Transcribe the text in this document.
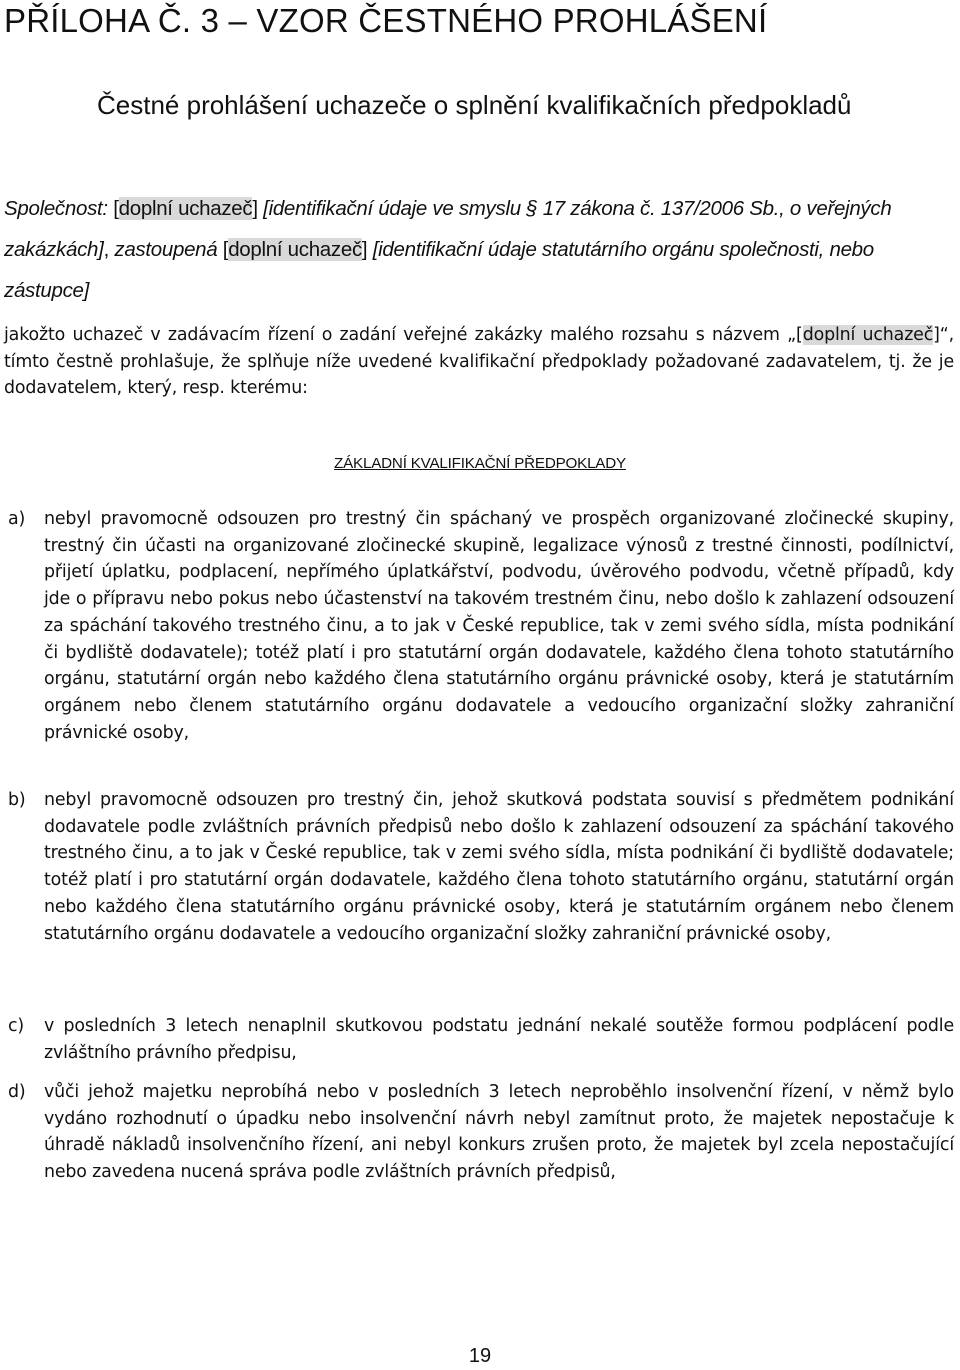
PŘÍLOHA Č. 3 – VZOR ČESTNÉHO PROHLÁŠENÍ
Čestné prohlášení uchazeče o splnění kvalifikačních předpokladů

Společnost: [doplní uchazeč] [identifikační údaje ve smyslu § 17 zákona č. 137/2006 Sb., o veřejných zakázkách], zastoupená [doplní uchazeč] [identifikační údaje statutárního orgánu společnosti, nebo zástupce]

jakožto uchazeč v zadávacím řízení o zadání veřejné zakázky malého rozsahu s názvem „[doplní uchazeč]“, tímto čestně prohlašuje, že splňuje níže uvedené kvalifikační předpoklady požadované zadavatelem, tj. že je dodavatelem, který, resp. kterému:

ZÁKLADNÍ KVALIFIKAČNÍ PŘEDPOKLADY
a) nebyl pravomocně odsouzen pro trestný čin spáchaný ve prospěch organizované zločinecké skupiny, trestný čin účasti na organizované zločinecké skupině, legalizace výnosů z trestné činnosti, podílnictví, přijetí úplatku, podplacení, nepřímého úplatkářství, podvodu, úvěrového podvodu, včetně případů, kdy jde o přípravu nebo pokus nebo účastenství na takovém trestném činu, nebo došlo k zahlazení odsouzení za spáchání takového trestného činu, a to jak v České republice, tak v zemi svého sídla, místa podnikání či bydliště dodavatele); totéž platí i pro statutární orgán dodavatele, každého člena tohoto statutárního orgánu, statutární orgán nebo každého člena statutárního orgánu právnické osoby, která je statutárním orgánem nebo členem statutárního orgánu dodavatele a vedoucího organizační složky zahraniční právnické osoby,
b) nebyl pravomocně odsouzen pro trestný čin, jehož skutková podstata souvisí s předmětem podnikání dodavatele podle zvláštních právních předpisů nebo došlo k zahlazení odsouzení za spáchání takového trestného činu, a to jak v České republice, tak v zemi svého sídla, místa podnikání či bydliště dodavatele; totéž platí i pro statutární orgán dodavatele, každého člena tohoto statutárního orgánu, statutární orgán nebo každého člena statutárního orgánu právnické osoby, která je statutárním orgánem nebo členem statutárního orgánu dodavatele a vedoucího organizační složky zahraniční právnické osoby,
c) v posledních 3 letech nenaplnil skutkovou podstatu jednání nekalé soutěže formou podplácení podle zvláštního právního předpisu,
d) vůči jehož majetku neprobíhá nebo v posledních 3 letech neproběhlo insolvenční řízení, v němž bylo vydáno rozhodnutí o úpadku nebo insolvenční návrh nebyl zamítnut proto, že majetek nepostačuje k úhradě nákladů insolvenčního řízení, ani nebyl konkurs zrušen proto, že majetek byl zcela nepostačující nebo zavedena nucená správa podle zvláštních právních předpisů,
19
